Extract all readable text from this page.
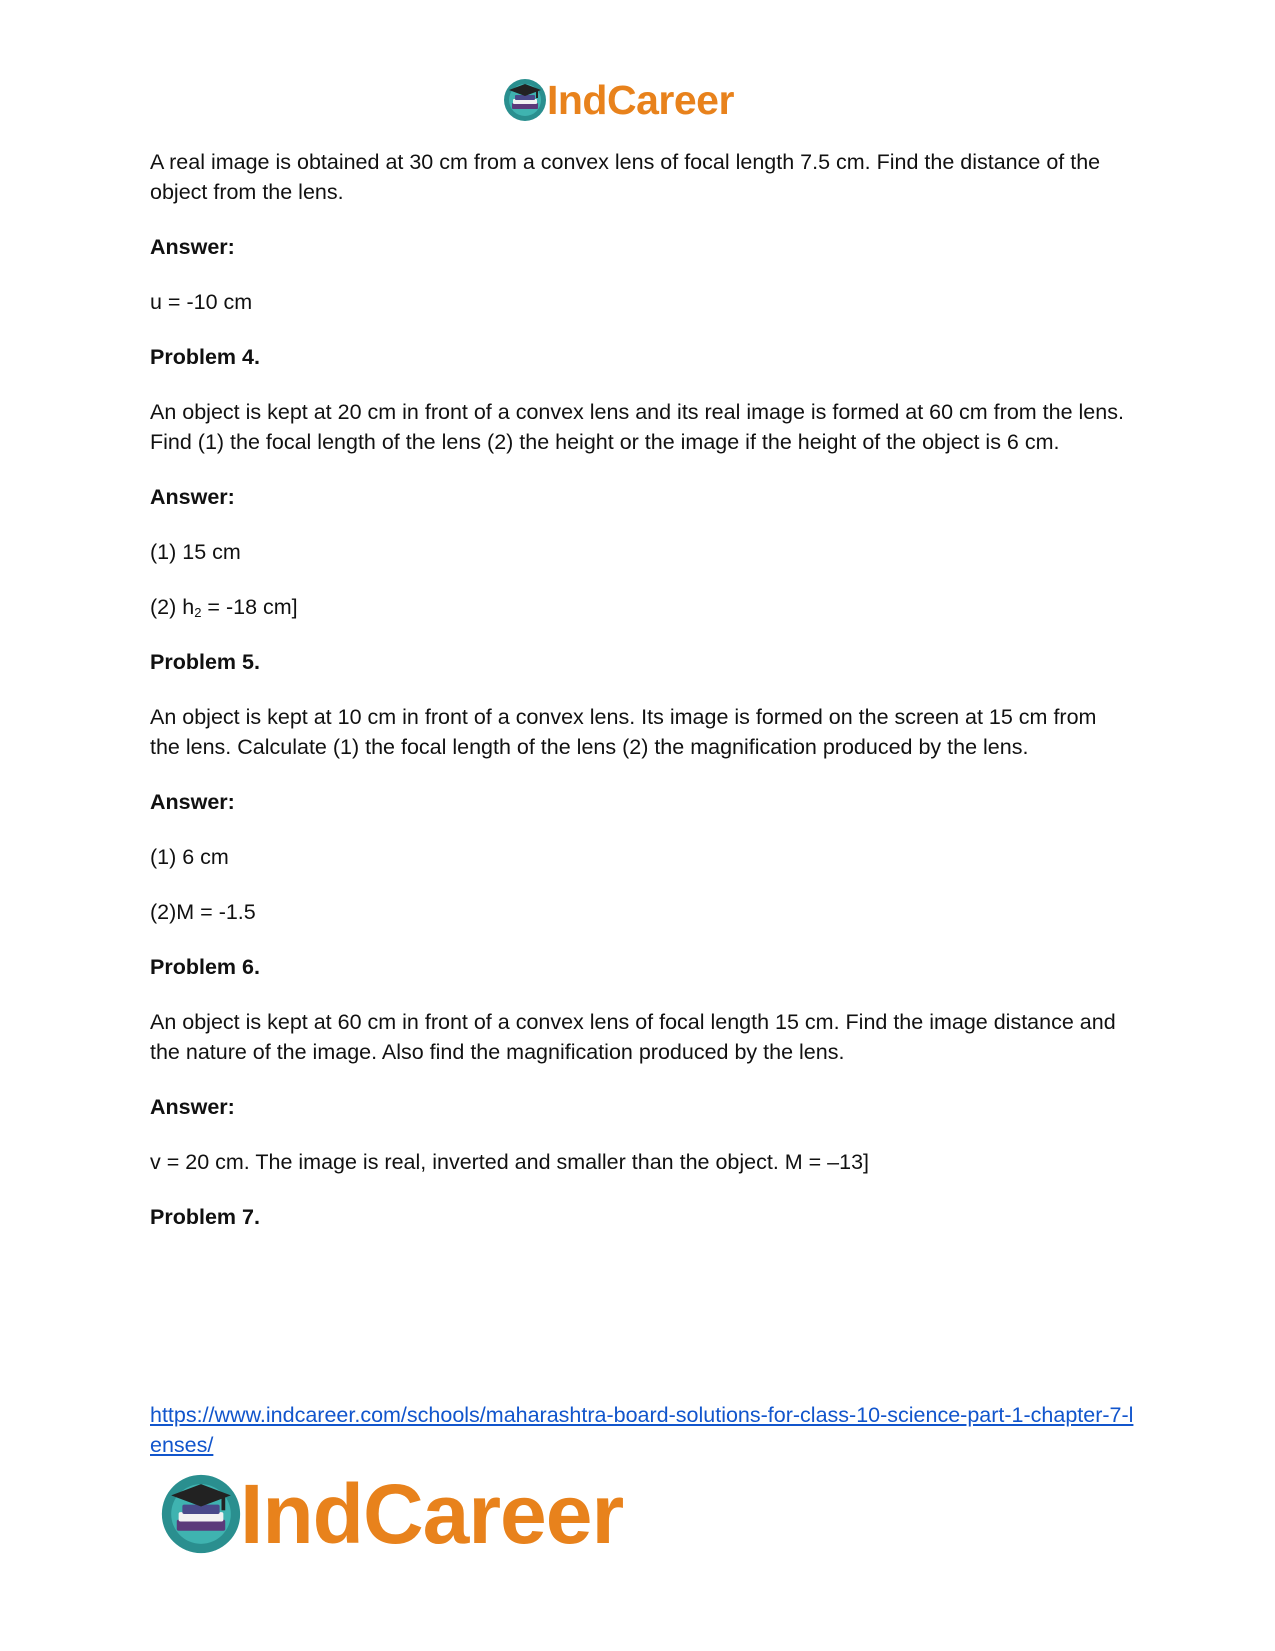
IndCareer

A real image is obtained at 30 cm from a convex lens of focal length 7.5 cm. Find the distance of the object from the lens.

Answer:

u = -10 cm

Problem 4.

An object is kept at 20 cm in front of a convex lens and its real image is formed at 60 cm from the lens. Find (1) the focal length of the lens (2) the height or the image if the height of the object is 6 cm.

Answer:

(1) 15 cm

(2) $h_2 = -18$ cm]

Problem 5.

An object is kept at 10 cm in front of a convex lens. Its image is formed on the screen at 15 cm from the lens. Calculate (1) the focal length of the lens (2) the magnification produced by the lens.

Answer:

(1) 6 cm

(2)M = -1.5

Problem 6.

An object is kept at 60 cm in front of a convex lens of focal length 15 cm. Find the image distance and the nature of the image. Also find the magnification produced by the lens.

Answer:

v = 20 cm. The image is real, inverted and smaller than the object. M = –13]

Problem 7.

https://www.indcareer.com/schools/maharashtra-board-solutions-for-class-10-science-part-1-chapter-7-lenses/
IndCareer
